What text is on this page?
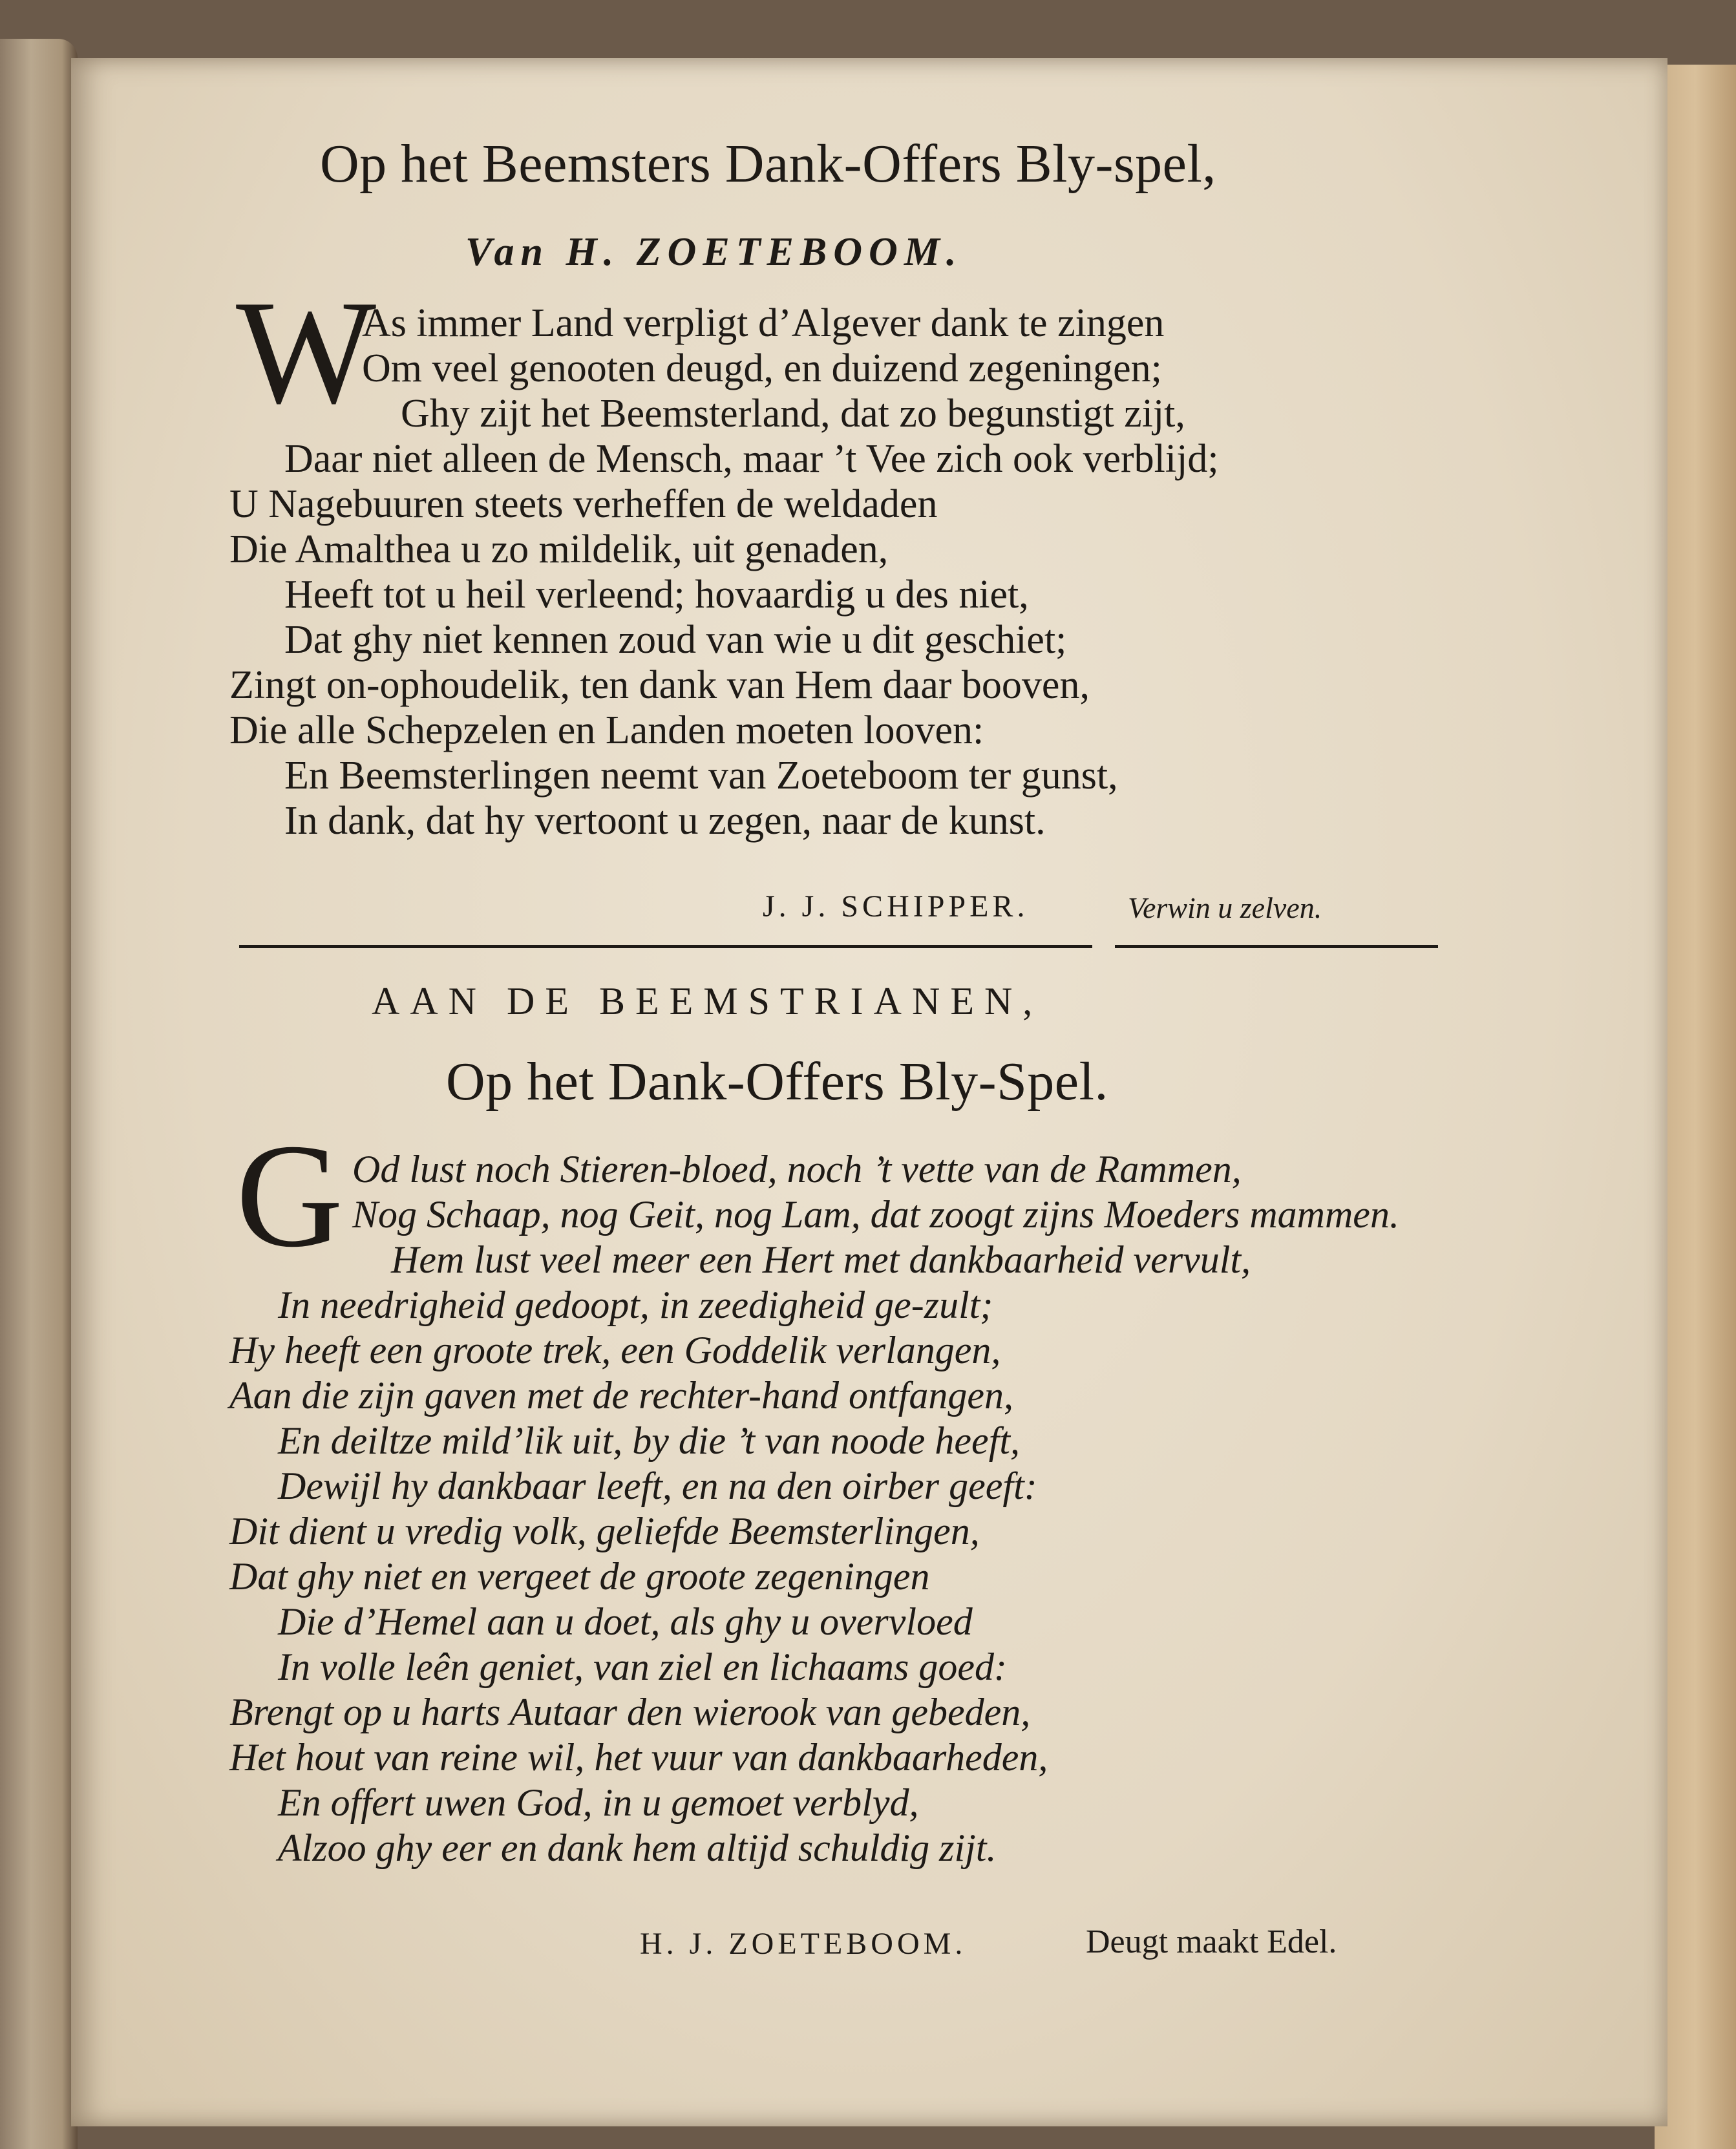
Op het Beemsters Dank-Offers Bly-spel,
Van H. ZOETEBOOM.
W
As immer Land verpligt d’Algever dank te zingen
Om veel genooten deugd, en duizend zegeningen;
Ghy zijt het Beemsterland, dat zo begunstigt zijt,
Daar niet alleen de Mensch, maar ’t Vee zich ook verblijd;
U Nagebuuren steets verheffen de weldaden
Die Amalthea u zo mildelik, uit genaden,
Heeft tot u heil verleend; hovaardig u des niet,
Dat ghy niet kennen zoud van wie u dit geschiet;
Zingt on-ophoudelik, ten dank van Hem daar booven,
Die alle Schepzelen en Landen moeten looven:
En Beemsterlingen neemt van Zoeteboom ter gunst,
In dank, dat hy vertoont u zegen, naar de kunst.
J. J. SCHIPPER.	Verwin u zelven.
AAN DE BEEMSTRIANEN,
Op het Dank-Offers Bly-Spel.
G Od lust noch Stieren-bloed, noch ’t vette van de Rammen,
Nog Schaap, nog Geit, nog Lam, dat zoogt zijns Moeders mammen.
Hem lust veel meer een Hert met dankbaarheid vervult,
In needrigheid gedoopt, in zeedigheid ge-zult;
Hy heeft een groote trek, een Goddelik verlangen,
Aan die zijn gaven met de rechter-hand ontfangen,
En deiltze mild’lik uit, by die ’t van noode heeft,
Dewijl hy dankbaar leeft, en na den oirber geeft:
Dit dient u vredig volk, geliefde Beemsterlingen,
Dat ghy niet en vergeet de groote zegeningen
Die d’Hemel aan u doet, als ghy u overvloed
In volle leên geniet, van ziel en lichaams goed:
Brengt op u harts Autaar den wierook van gebeden,
Het hout van reine wil, het vuur van dankbaarheden,
En offert uwen God, in u gemoet verblyd,
Alzoo ghy eer en dank hem altijd schuldig zijt.
H. J. ZOETEBOOM.	Deugt maakt Edel.
